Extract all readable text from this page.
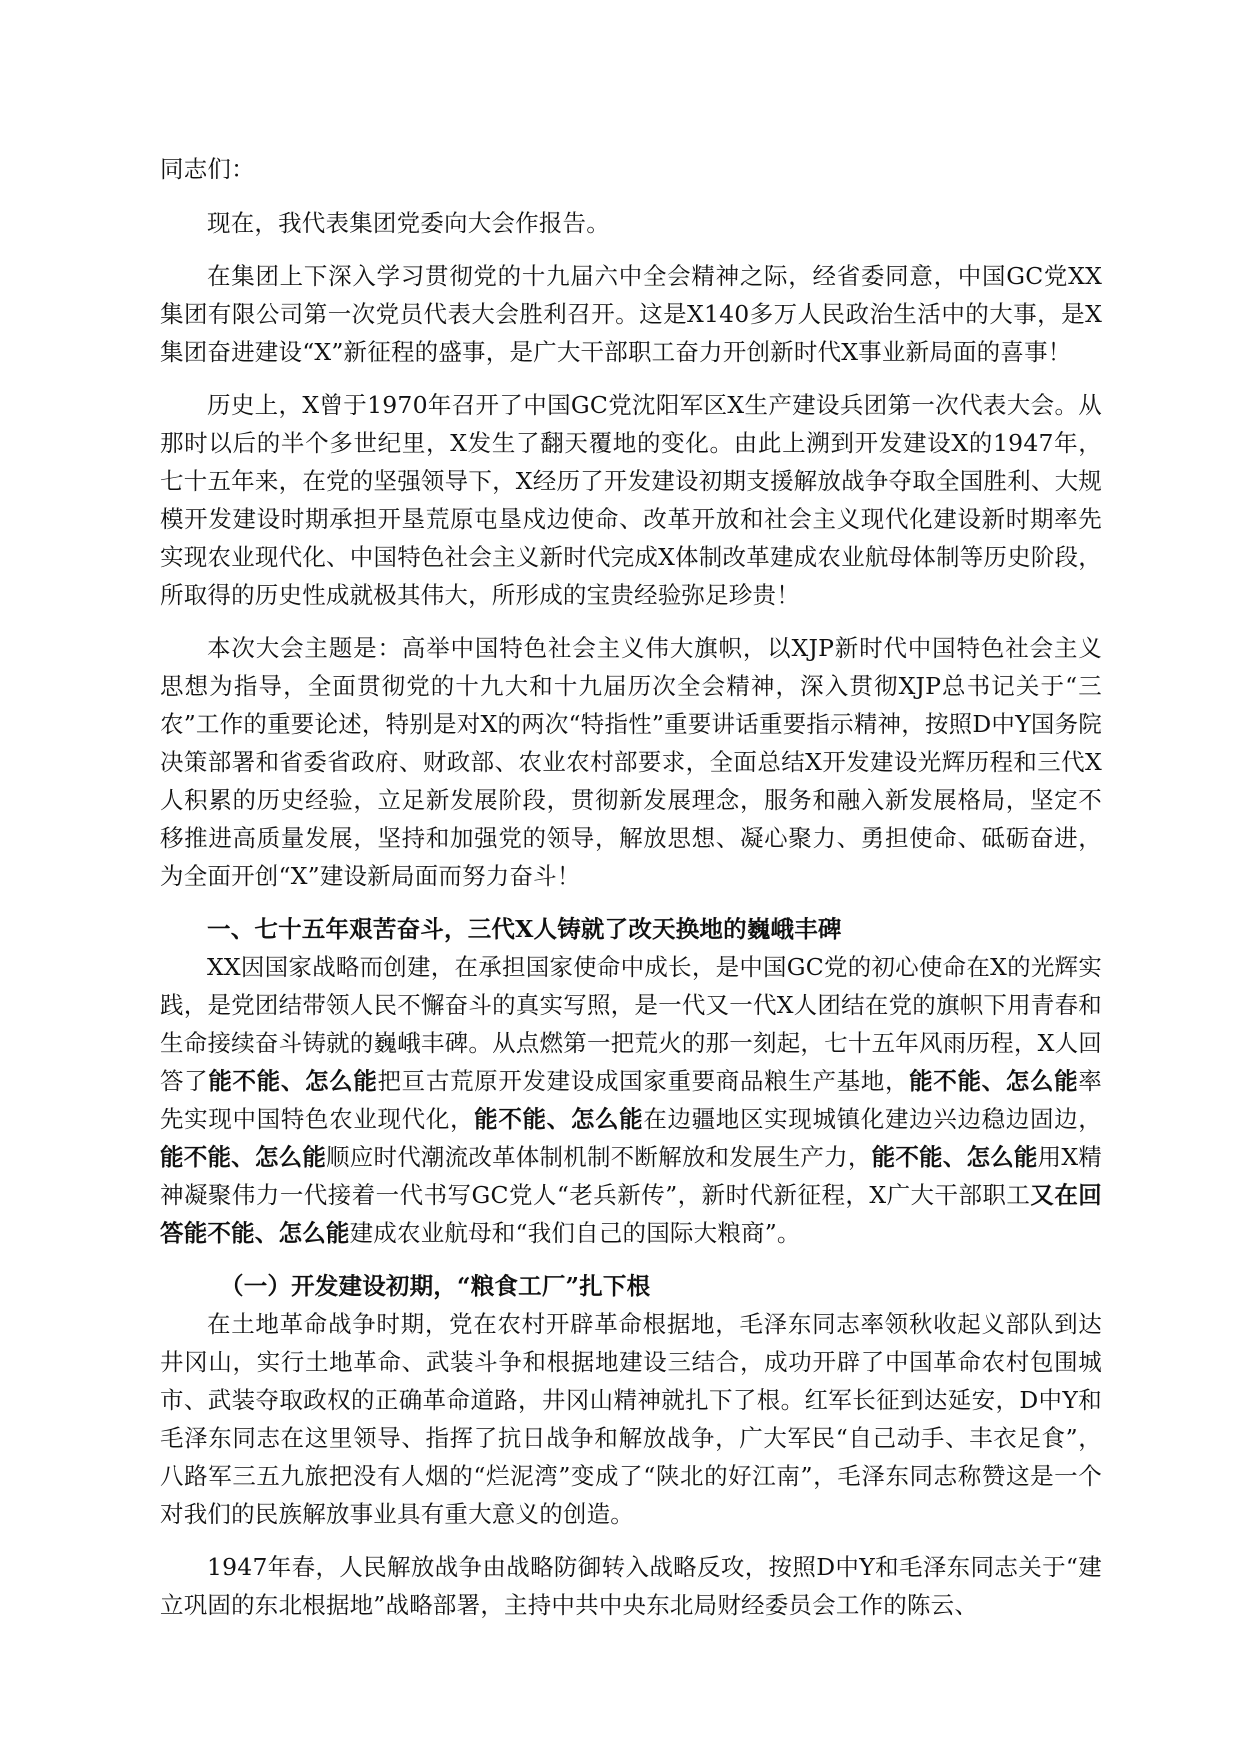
同志们：

现在，我代表集团党委向大会作报告。

在集团上下深入学习贯彻党的十九届六中全会精神之际，经省委同意，中国GC党XX集团有限公司第一次党员代表大会胜利召开。这是X140多万人民政治生活中的大事，是X集团奋进建设“X”新征程的盛事，是广大干部职工奋力开创新时代X事业新局面的喜事！

历史上，X曾于1970年召开了中国GC党沈阳军区X生产建设兵团第一次代表大会。从那时以后的半个多世纪里，X发生了翻天覆地的变化。由此上溯到开发建设X的1947年，七十五年来，在党的坚强领导下，X经历了开发建设初期支援解放战争夺取全国胜利、大规模开发建设时期承担开垦荒原屯垦戍边使命、改革开放和社会主义现代化建设新时期率先实现农业现代化、中国特色社会主义新时代完成X体制改革建成农业航母体制等历史阶段，所取得的历史性成就极其伟大，所形成的宝贵经验弥足珍贵！

本次大会主题是：高举中国特色社会主义伟大旗帜，以XJP新时代中国特色社会主义思想为指导，全面贯彻党的十九大和十九届历次全会精神，深入贯彻XJP总书记关于“三农”工作的重要论述，特别是对X的两次“特指性”重要讲话重要指示精神，按照D中Y国务院决策部署和省委省政府、财政部、农业农村部要求，全面总结X开发建设光辉历程和三代X人积累的历史经验，立足新发展阶段，贯彻新发展理念，服务和融入新发展格局，坚定不移推进高质量发展，坚持和加强党的领导，解放思想、凝心聚力、勇担使命、砥砺奋进，为全面开创“X”建设新局面而努力奋斗！

一、七十五年艰苦奋斗，三代X人铸就了改天换地的巍峨丰碑

XX因国家战略而创建，在承担国家使命中成长，是中国GC党的初心使命在X的光辉实践，是党团结带领人民不懈奋斗的真实写照，是一代又一代X人团结在党的旗帜下用青春和生命接续奋斗铸就的巍峨丰碑。从点燃第一把荒火的那一刻起，七十五年风雨历程，X人回答了能不能、怎么能把亘古荒原开发建设成国家重要商品粮生产基地，能不能、怎么能率先实现中国特色农业现代化，能不能、怎么能在边疆地区实现城镇化建边兴边稳边固边，能不能、怎么能顺应时代潮流改革体制机制不断解放和发展生产力，能不能、怎么能用X精神凝聚伟力一代接着一代书写GC党人“老兵新传”，新时代新征程，X广大干部职工又在回答能不能、怎么能建成农业航母和“我们自己的国际大粮商”。

（一）开发建设初期，“粮食工厂”扎下根

在土地革命战争时期，党在农村开辟革命根据地，毛泽东同志率领秋收起义部队到达井冈山，实行土地革命、武装斗争和根据地建设三结合，成功开辟了中国革命农村包围城市、武装夺取政权的正确革命道路，井冈山精神就扎下了根。红军长征到达延安，D中Y和毛泽东同志在这里领导、指挥了抗日战争和解放战争，广大军民“自己动手、丰衣足食”，八路军三五九旅把没有人烟的“烂泥湾”变成了“陕北的好江南”，毛泽东同志称赞这是一个对我们的民族解放事业具有重大意义的创造。

1947年春，人民解放战争由战略防御转入战略反攻，按照D中Y和毛泽东同志关于“建立巩固的东北根据地”战略部署，主持中共中央东北局财经委员会工作的陈云、
